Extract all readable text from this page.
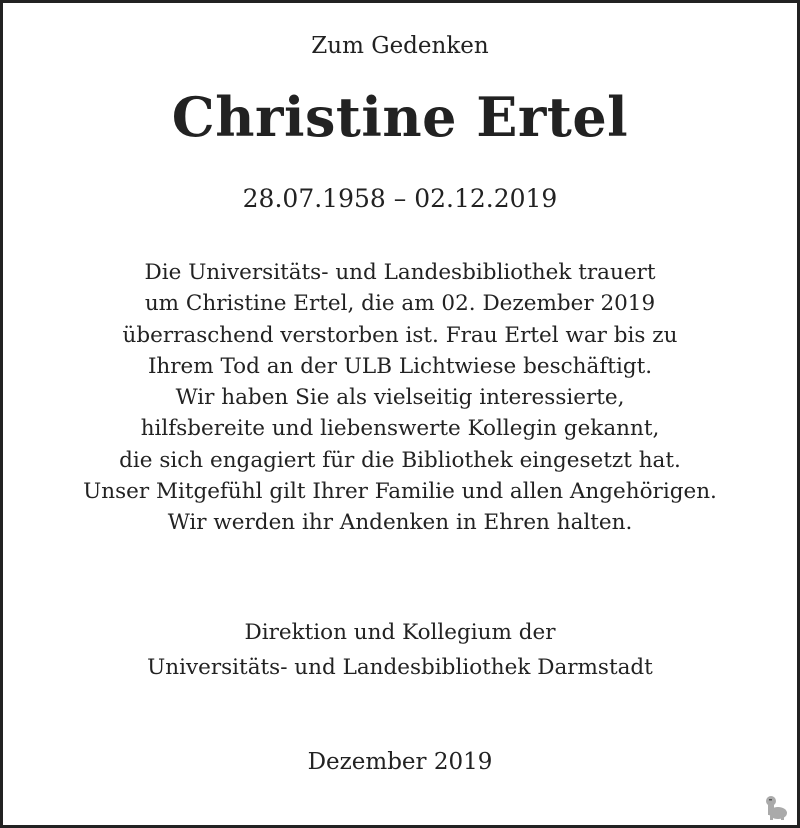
Zum Gedenken
Christine Ertel
28.07.1958 – 02.12.2019
Die Universitäts- und Landesbibliothek trauert
um Christine Ertel, die am 02. Dezember 2019
überraschend verstorben ist. Frau Ertel war bis zu
Ihrem Tod an der ULB Lichtwiese beschäftigt.
Wir haben Sie als vielseitig interessierte,
hilfsbereite und liebenswerte Kollegin gekannt,
die sich engagiert für die Bibliothek eingesetzt hat.
Unser Mitgefühl gilt Ihrer Familie und allen Angehörigen.
Wir werden ihr Andenken in Ehren halten.
Direktion und Kollegium der
Universitäts- und Landesbibliothek Darmstadt
Dezember 2019
